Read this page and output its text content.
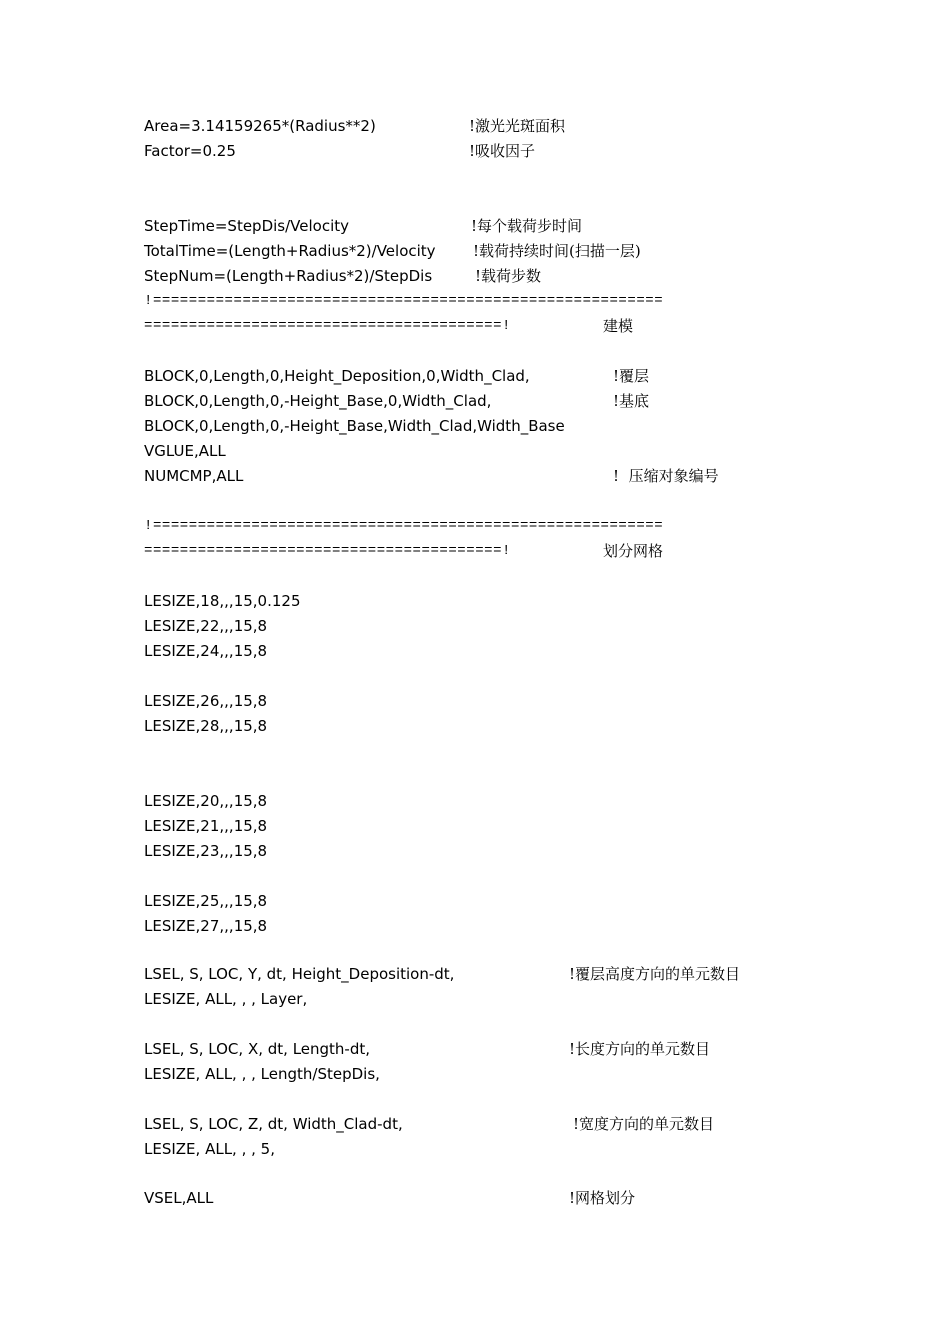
Area=3.14159265*(Radius**2)	!激光光斑面积
Factor=0.25	!吸收因子
StepTime=StepDis/Velocity	!每个载荷步时间
TotalTime=(Length+Radius*2)/Velocity !载荷持续时间(扫描一层)
StepNum=(Length+Radius*2)/StepDis	!载荷步数
!=========================================================
========================================!	建模
BLOCK,0,Length,0,Height_Deposition,0,Width_Clad,	!覆层
BLOCK,0,Length,0,-Height_Base,0,Width_Clad,	!基底
BLOCK,0,Length,0,-Height_Base,Width_Clad,Width_Base
VGLUE,ALL
NUMCMP,ALL	!  压缩对象编号
!=========================================================
========================================!	划分网格
LESIZE,18,,,15,0.125
LESIZE,22,,,15,8
LESIZE,24,,,15,8
LESIZE,26,,,15,8
LESIZE,28,,,15,8
LESIZE,20,,,15,8
LESIZE,21,,,15,8
LESIZE,23,,,15,8
LESIZE,25,,,15,8
LESIZE,27,,,15,8
LSEL, S, LOC, Y, dt, Height_Deposition-dt,	!覆层高度方向的单元数目
LESIZE, ALL, , , Layer,
LSEL, S, LOC, X, dt, Length-dt,	!长度方向的单元数目
LESIZE, ALL, , , Length/StepDis,
LSEL, S, LOC, Z, dt, Width_Clad-dt,	!宽度方向的单元数目
LESIZE, ALL, , , 5,
VSEL,ALL	!网格划分
